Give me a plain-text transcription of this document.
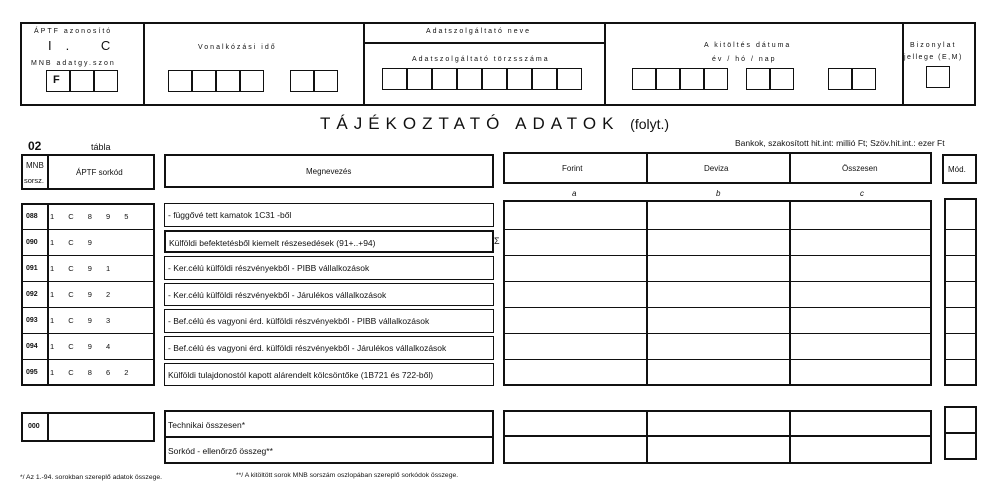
ÁPTF azonosító
I. C
MNB adatgy.szon
F
Vonalkózási idő
Adatszolgáltató neve
Adatszolgáltató törzsszáma
A kitöltés dátuma
év / hó / nap
Bizonylat
jellege (E,M)
TÁJÉKOZTATÓ ADATOK (folyt.)
02	tábla	Bankok, szakosított hit.int: millió Ft; Szöv.hit.int.: ezer Ft
MNB
sorsz.
ÁPTF sorkód	Megnevezés	Forint	Deviza	Összesen	Mód.
a	b	c
Σ
088 1 C 8 9 5	- függővé tett kamatok 1C31 -ből
090 1 C 9	Külföldi befektetésből kiemelt részesedések (91+..+94)
091 1 C 9 1	- Ker.célú külföldi részvényekből - PIBB vállalkozások
092 1 C 9 2	- Ker.célú külföldi részvényekből - Járulékos vállalkozások
093 1 C 9 3	- Bef.célú és vagyoni érd. külföldi részvényekből - PIBB vállalkozások
094 1 C 9 4	- Bef.célú és vagyoni érd. külföldi részvényekből - Járulékos vállalkozások
095 1 C 8 6 2	Külföldi tulajdonostól kapott alárendelt kölcsöntőke (1B721 és 722-ből)
000	Technikai összesen*
Sorkód - ellenőrző összeg**
*/ Az 1.-94. sorokban szereplő adatok összege.	**/ A kitöltött sorok MNB sorszám oszlopában szereplő sorkódok összege.
